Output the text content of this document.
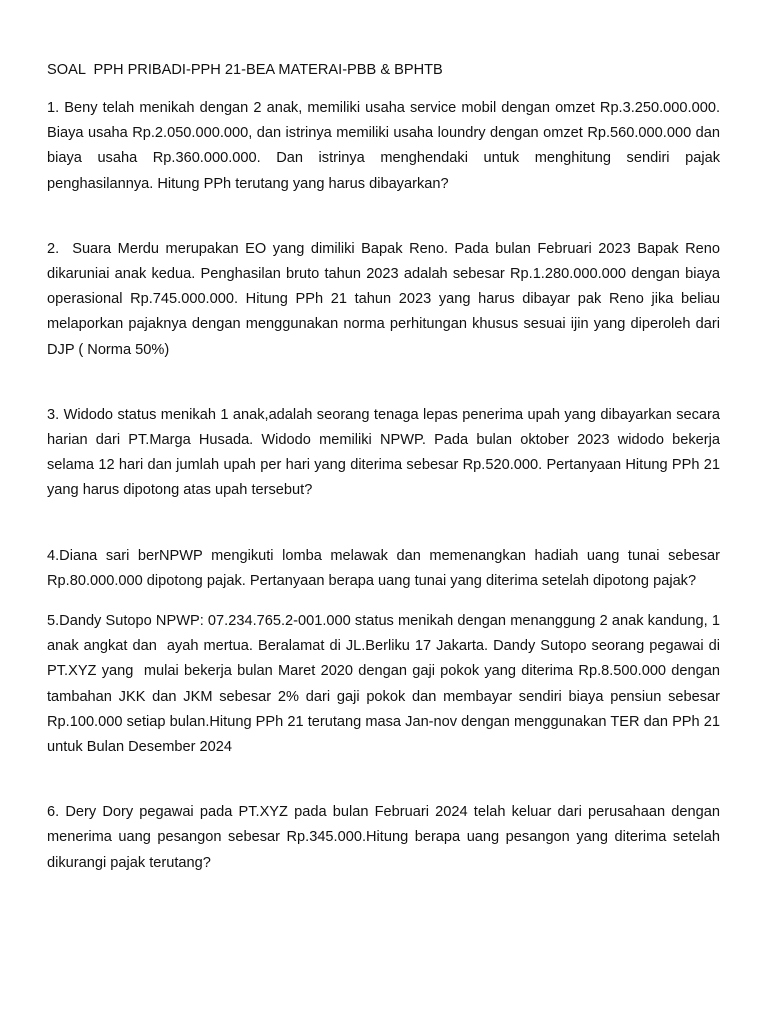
SOAL  PPH PRIBADI-PPH 21-BEA MATERAI-PBB & BPHTB

1. Beny telah menikah dengan 2 anak, memiliki usaha service mobil dengan omzet Rp.3.250.000.000. Biaya usaha Rp.2.050.000.000, dan istrinya memiliki usaha loundry dengan omzet Rp.560.000.000 dan biaya usaha Rp.360.000.000. Dan istrinya menghendaki untuk menghitung sendiri pajak penghasilannya. Hitung PPh terutang yang harus dibayarkan?

2.  Suara Merdu merupakan EO yang dimiliki Bapak Reno. Pada bulan Februari 2023 Bapak Reno dikaruniai anak kedua. Penghasilan bruto tahun 2023 adalah sebesar Rp.1.280.000.000 dengan biaya operasional Rp.745.000.000. Hitung PPh 21 tahun 2023 yang harus dibayar pak Reno jika beliau melaporkan pajaknya dengan menggunakan norma perhitungan khusus sesuai ijin yang diperoleh dari DJP ( Norma 50%)

3. Widodo status menikah 1 anak,adalah seorang tenaga lepas penerima upah yang dibayarkan secara harian dari PT.Marga Husada. Widodo memiliki NPWP. Pada bulan oktober 2023 widodo bekerja selama 12 hari dan jumlah upah per hari yang diterima sebesar Rp.520.000. Pertanyaan Hitung PPh 21 yang harus dipotong atas upah tersebut?

4.Diana sari berNPWP mengikuti lomba melawak dan memenangkan hadiah uang tunai sebesar Rp.80.000.000 dipotong pajak. Pertanyaan berapa uang tunai yang diterima setelah dipotong pajak?

5.Dandy Sutopo NPWP: 07.234.765.2-001.000 status menikah dengan menanggung 2 anak kandung, 1 anak angkat dan  ayah mertua. Beralamat di JL.Berliku 17 Jakarta. Dandy Sutopo seorang pegawai di PT.XYZ yang  mulai bekerja bulan Maret 2020 dengan gaji pokok yang diterima Rp.8.500.000 dengan tambahan JKK dan JKM sebesar 2% dari gaji pokok dan membayar sendiri biaya pensiun sebesar Rp.100.000 setiap bulan.Hitung PPh 21 terutang masa Jan-nov dengan menggunakan TER dan PPh 21 untuk Bulan Desember 2024

6. Dery Dory pegawai pada PT.XYZ pada bulan Februari 2024 telah keluar dari perusahaan dengan menerima uang pesangon sebesar Rp.345.000.Hitung berapa uang pesangon yang diterima setelah dikurangi pajak terutang?
